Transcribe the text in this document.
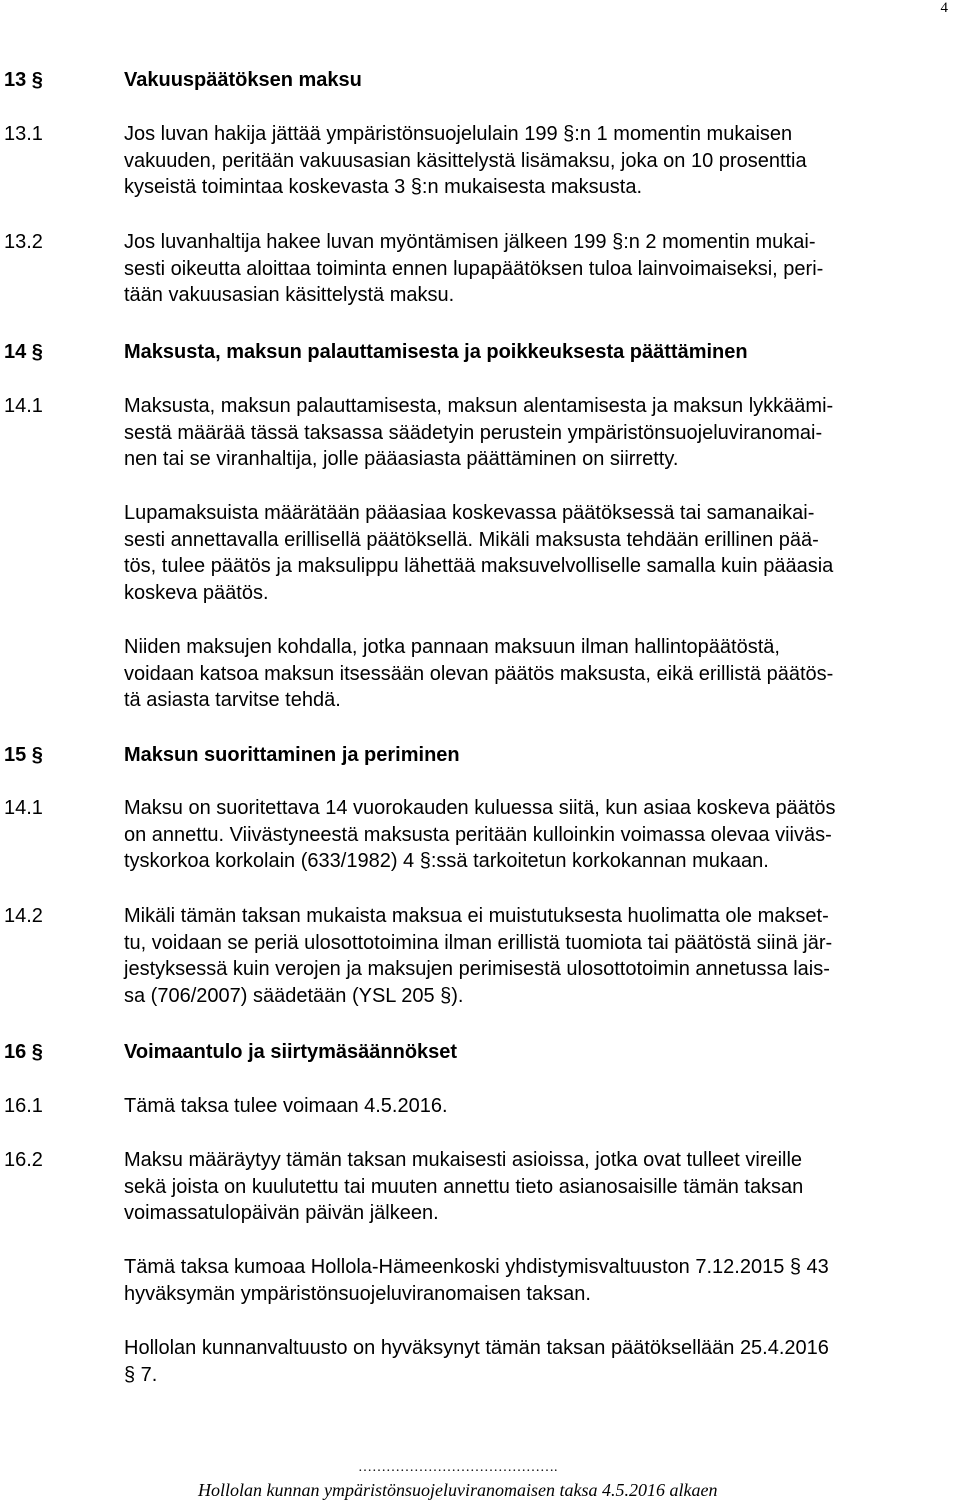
4
13 §	Vakuuspäätöksen maksu
13.1	Jos luvan hakija jättää ympäristönsuojelulain 199 §:n 1 momentin mukaisen
vakuuden, peritään vakuusasian käsittelystä lisämaksu, joka on 10 prosenttia
kyseistä toimintaa koskevasta 3 §:n mukaisesta maksusta.
13.2	Jos luvanhaltija hakee luvan myöntämisen jälkeen 199 §:n 2 momentin mukai-
sesti oikeutta aloittaa toiminta ennen lupapäätöksen tuloa lainvoimaiseksi, peri-
tään vakuusasian käsittelystä maksu.
14 §	Maksusta, maksun palauttamisesta ja poikkeuksesta päättäminen
14.1	Maksusta, maksun palauttamisesta, maksun alentamisesta ja maksun lykkäämi-
sestä määrää tässä taksassa säädetyin perustein ympäristönsuojeluviranomai-
nen tai se viranhaltija, jolle pääasiasta päättäminen on siirretty.
Lupamaksuista määrätään pääasiaa koskevassa päätöksessä tai samanaikai-
sesti annettavalla erillisellä päätöksellä. Mikäli maksusta tehdään erillinen pää-
tös, tulee päätös ja maksulippu lähettää maksuvelvolliselle samalla kuin pääasia
koskeva päätös.
Niiden maksujen kohdalla, jotka pannaan maksuun ilman hallintopäätöstä,
voidaan katsoa maksun itsessään olevan päätös maksusta, eikä erillistä päätös-
tä asiasta tarvitse tehdä.
15 §	Maksun suorittaminen ja periminen
14.1	Maksu on suoritettava 14 vuorokauden kuluessa siitä, kun asiaa koskeva päätös
on annettu. Viivästyneestä maksusta peritään kulloinkin voimassa olevaa viiväs-
tyskorkoa korkolain (633/1982) 4 §:ssä tarkoitetun korkokannan mukaan.
14.2	Mikäli tämän taksan mukaista maksua ei muistutuksesta huolimatta ole makset-
tu, voidaan se periä ulosottotoimina ilman erillistä tuomiota tai päätöstä siinä jär-
jestyksessä kuin verojen ja maksujen perimisestä ulosottotoimin annetussa lais-
sa (706/2007) säädetään (YSL 205 §).
16 §	Voimaantulo ja siirtymäsäännökset
16.1	Tämä taksa tulee voimaan 4.5.2016.
16.2	Maksu määräytyy tämän taksan mukaisesti asioissa, jotka ovat tulleet vireille
sekä joista on kuulutettu tai muuten annettu tieto asianosaisille tämän taksan
voimassatulopäivän päivän jälkeen.
Tämä taksa kumoaa Hollola-Hämeenkoski yhdistymisvaltuuston 7.12.2015 § 43
hyväksymän ympäristönsuojeluviranomaisen taksan.
Hollolan kunnanvaltuusto on hyväksynyt tämän taksan päätöksellään 25.4.2016
§ 7.
…………………………………….
Hollolan kunnan ympäristönsuojeluviranomaisen taksa 4.5.2016 alkaen
